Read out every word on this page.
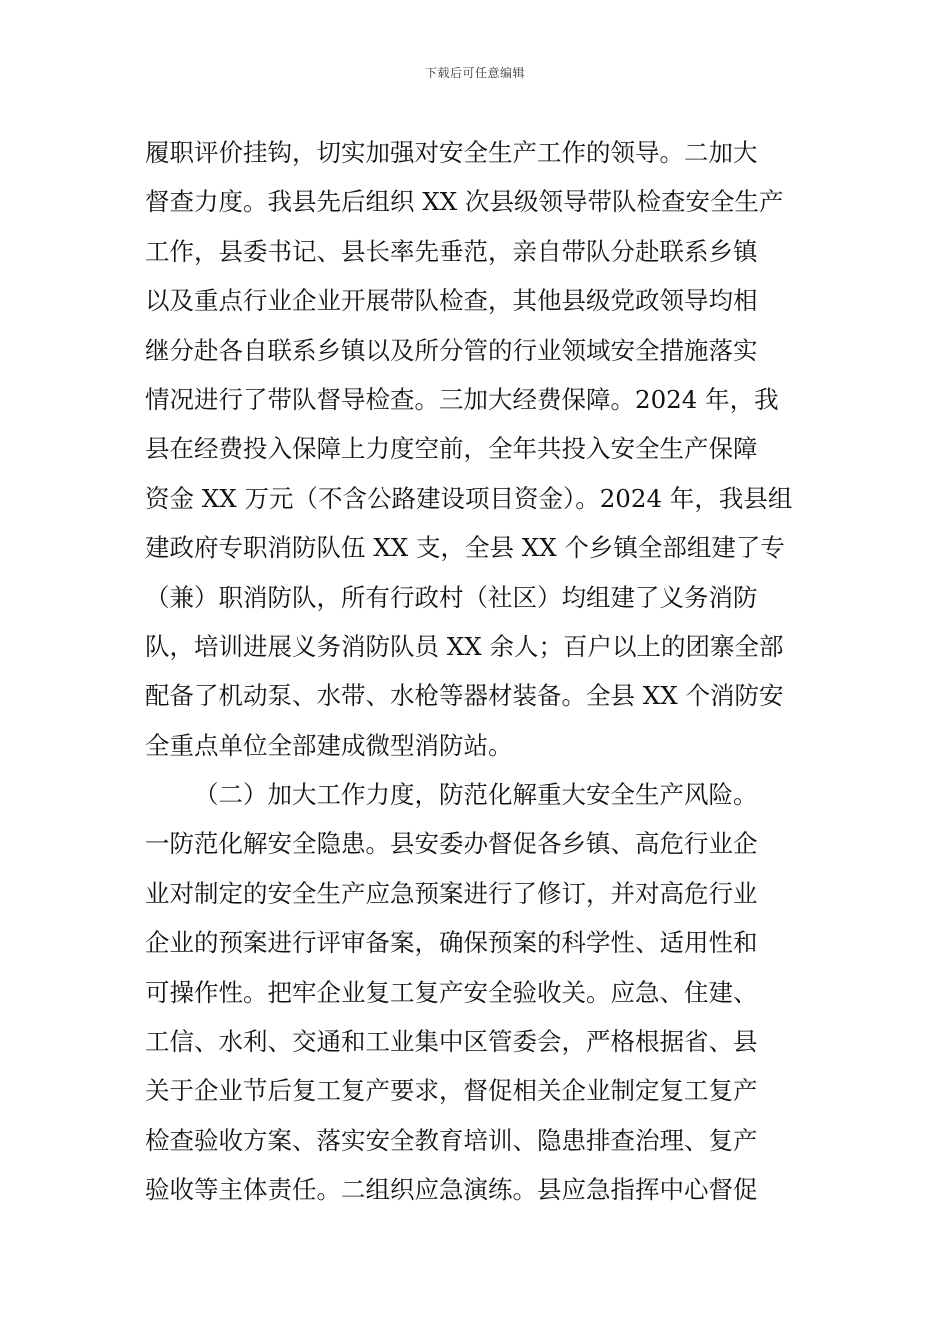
下载后可任意编辑
履职评价挂钩，切实加强对安全生产工作的领导。二加大
督查力度。我县先后组织 XX 次县级领导带队检查安全生产
工作，县委书记、县长率先垂范，亲自带队分赴联系乡镇
以及重点行业企业开展带队检查，其他县级党政领导均相
继分赴各自联系乡镇以及所分管的行业领域安全措施落实
情况进行了带队督导检查。三加大经费保障。2024 年，我
县在经费投入保障上力度空前，全年共投入安全生产保障
资金 XX 万元（不含公路建设项目资金）。2024 年，我县组
建政府专职消防队伍 XX 支，全县 XX 个乡镇全部组建了专
（兼）职消防队，所有行政村（社区）均组建了义务消防
队，培训进展义务消防队员 XX 余人；百户以上的团寨全部
配备了机动泵、水带、水枪等器材装备。全县 XX 个消防安
全重点单位全部建成微型消防站。
（二）加大工作力度，防范化解重大安全生产风险。
一防范化解安全隐患。县安委办督促各乡镇、高危行业企
业对制定的安全生产应急预案进行了修订，并对高危行业
企业的预案进行评审备案，确保预案的科学性、适用性和
可操作性。把牢企业复工复产安全验收关。应急、住建、
工信、水利、交通和工业集中区管委会，严格根据省、县
关于企业节后复工复产要求，督促相关企业制定复工复产
检查验收方案、落实安全教育培训、隐患排查治理、复产
验收等主体责任。二组织应急演练。县应急指挥中心督促
